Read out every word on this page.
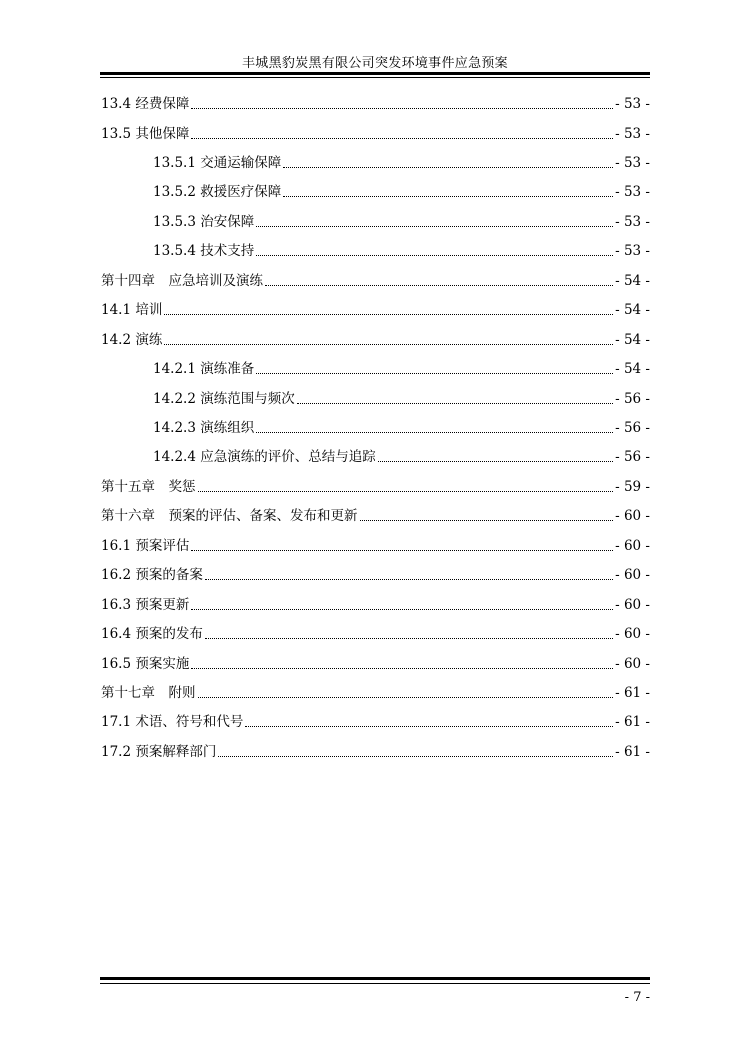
丰城黑豹炭黑有限公司突发环境事件应急预案
13.4 经费保障	- 53 -
13.5 其他保障	- 53 -
13.5.1 交通运输保障	- 53 -
13.5.2 救援医疗保障	- 53 -
13.5.3 治安保障	- 53 -
13.5.4 技术支持	- 53 -
第十四章　应急培训及演练	- 54 -
14.1 培训	- 54 -
14.2 演练	- 54 -
14.2.1 演练准备	- 54 -
14.2.2 演练范围与频次	- 56 -
14.2.3 演练组织	- 56 -
14.2.4 应急演练的评价、总结与追踪	- 56 -
第十五章　奖惩	- 59 -
第十六章　预案的评估、备案、发布和更新	- 60 -
16.1 预案评估	- 60 -
16.2 预案的备案	- 60 -
16.3 预案更新	- 60 -
16.4 预案的发布	- 60 -
16.5 预案实施	- 60 -
第十七章　附则	- 61 -
17.1 术语、符号和代号	- 61 -
17.2 预案解释部门	- 61 -
- 7 -
